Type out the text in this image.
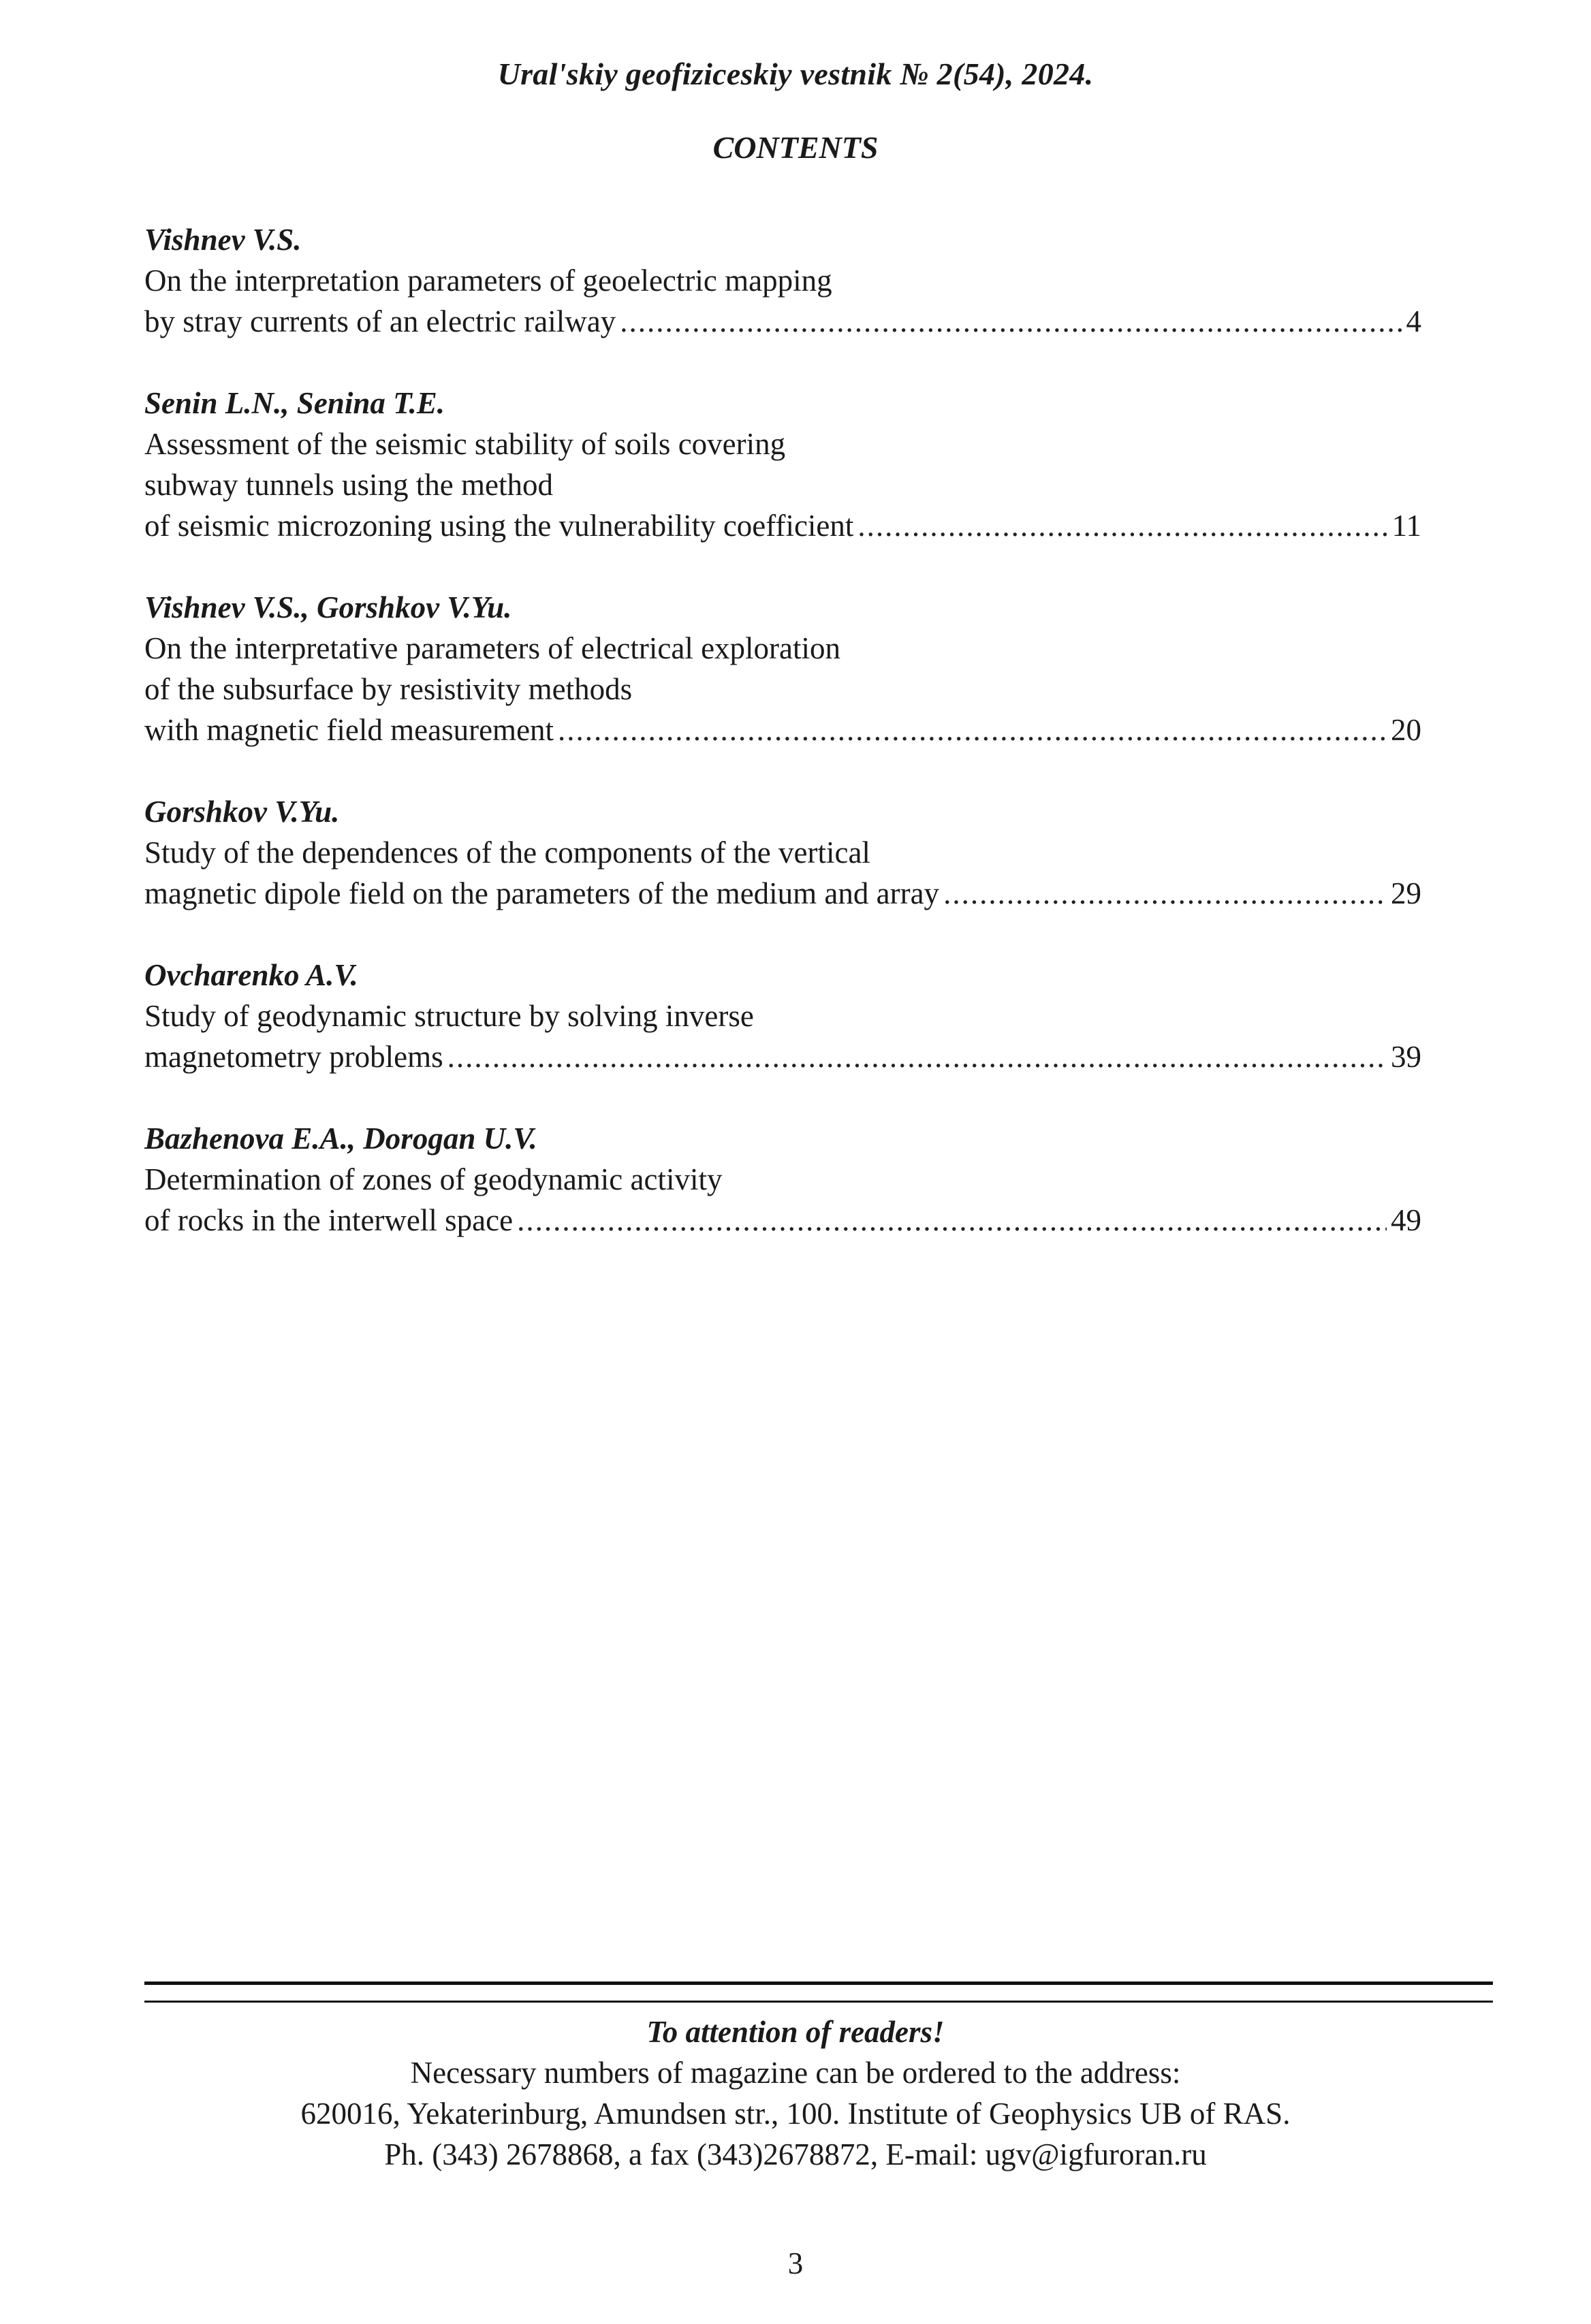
Ural'skiy geofiziceskiy vestnik № 2(54), 2024.
CONTENTS
Vishnev V.S.
On the interpretation parameters of geoelectric mapping
by stray currents of an electric railway .....	4
Senin L.N., Senina T.E.
Assessment of the seismic stability of soils covering
subway tunnels using the method
of seismic microzoning using the vulnerability coefficient .....	11
Vishnev V.S., Gorshkov V.Yu.
On the interpretative parameters of electrical exploration
of the subsurface by resistivity methods
with magnetic field measurement .....	20
Gorshkov V.Yu.
Study of the dependences of the components of the vertical
magnetic dipole field on the parameters of the medium and array .....	29
Ovcharenko A.V.
Study of geodynamic structure by solving inverse
magnetometry problems .....	39
Bazhenova E.A., Dorogan U.V.
Determination of zones of geodynamic activity
of rocks in the interwell space .....	49
To attention of readers!
Necessary numbers of magazine can be ordered to the address:
620016, Yekaterinburg, Amundsen str., 100. Institute of Geophysics UB of RAS.
Ph. (343) 2678868, a fax (343)2678872, E-mail: ugv@igfuroran.ru
3
